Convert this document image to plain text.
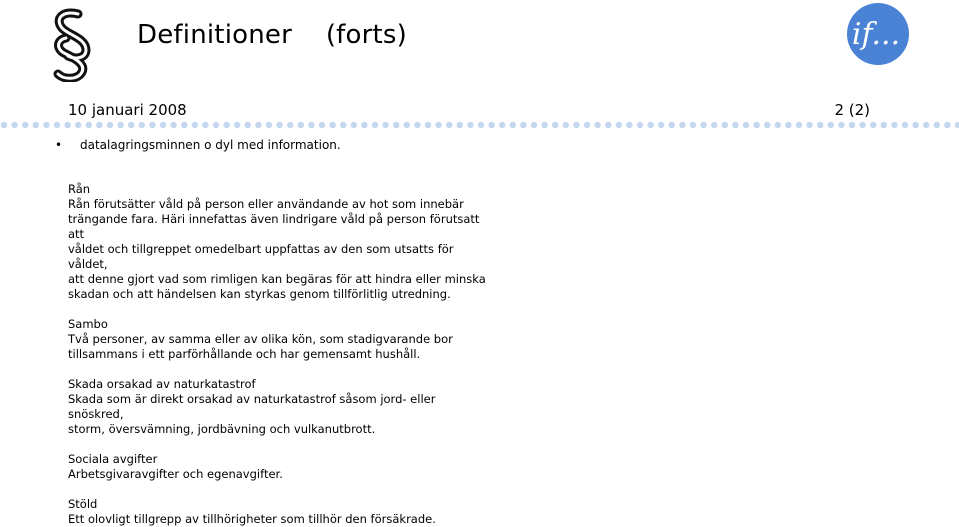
Definitioner    (forts)	if...
10 januari 2008	2 (2)
• datalagringsminnen o dyl med information.
Rån
Rån förutsätter våld på person eller användande av hot som innebär
trängande fara. Häri innefattas även lindrigare våld på person förutsatt att
våldet och tillgreppet omedelbart uppfattas av den som utsatts för våldet,
att denne gjort vad som rimligen kan begäras för att hindra eller minska
skadan och att händelsen kan styrkas genom tillförlitlig utredning.
Sambo
Två personer, av samma eller av olika kön, som stadigvarande bor
tillsammans i ett parförhållande och har gemensamt hushåll.
Skada orsakad av naturkatastrof
Skada som är direkt orsakad av naturkatastrof såsom jord- eller snöskred,
storm, översvämning, jordbävning och vulkanutbrott.
Sociala avgifter
Arbetsgivaravgifter och egenavgifter.
Stöld
Ett olovligt tillgrepp av tillhörigheter som tillhör den försäkrade.
